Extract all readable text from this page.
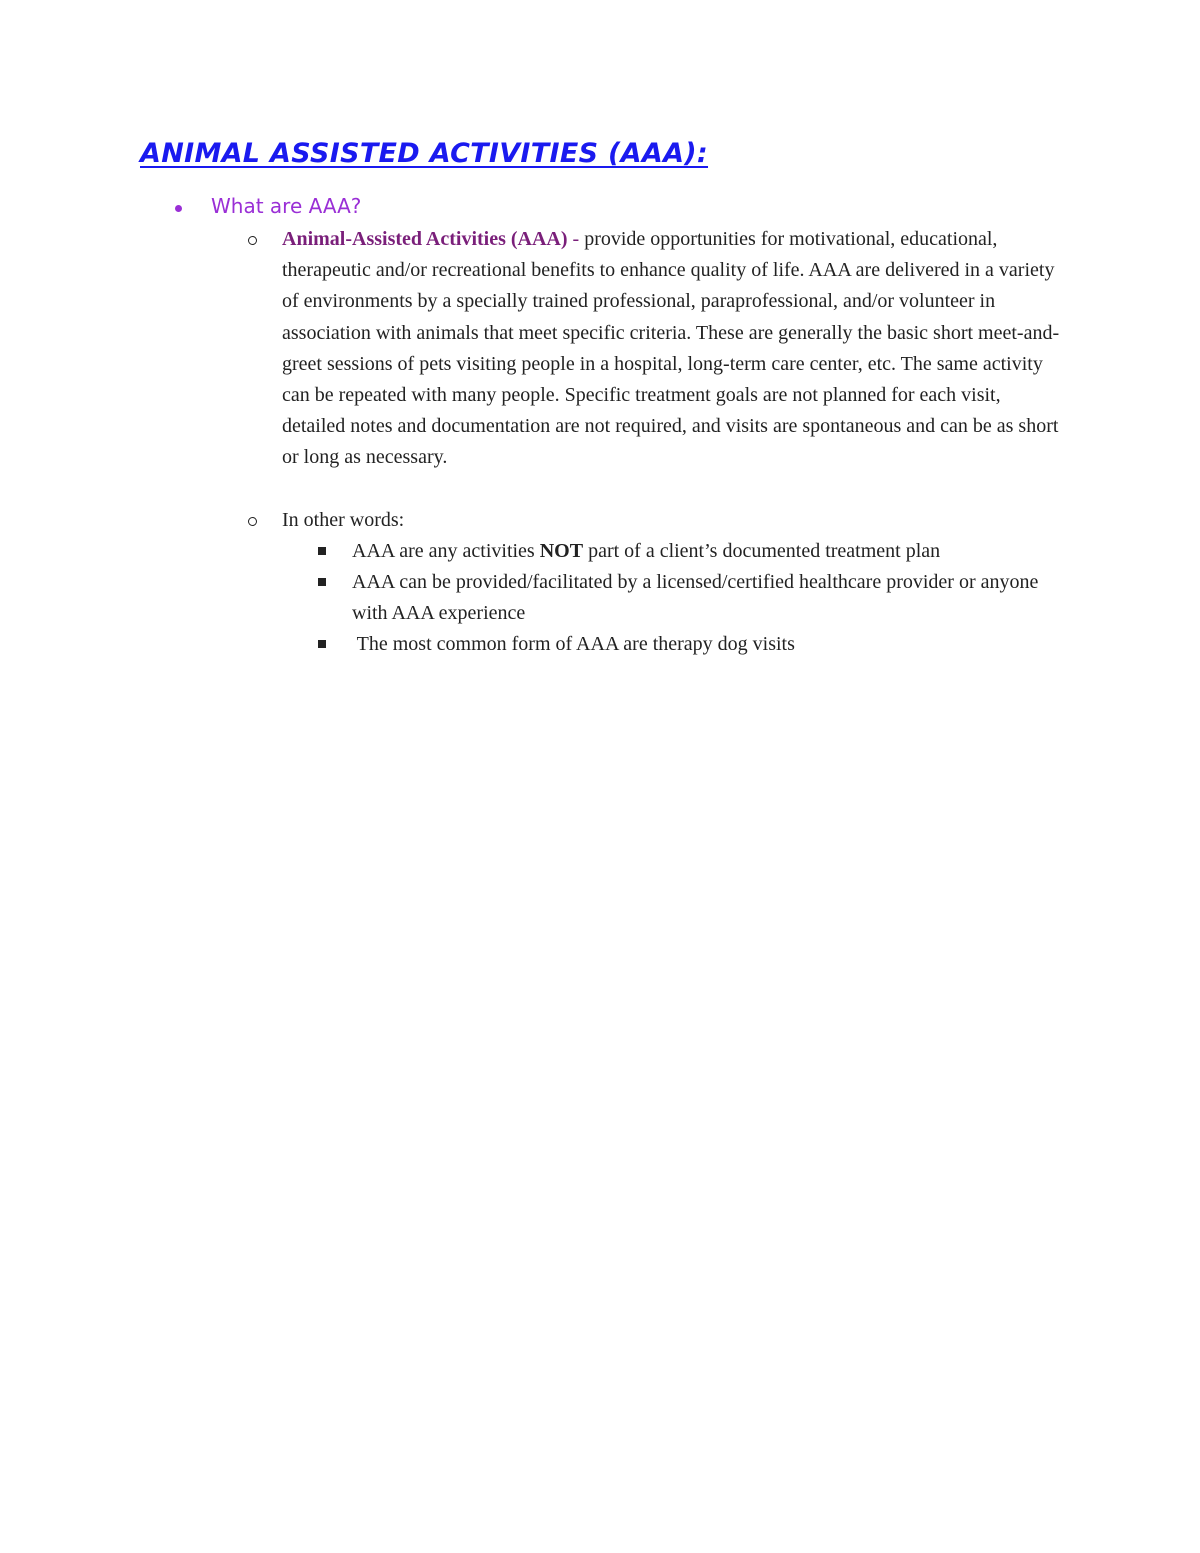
ANIMAL ASSISTED ACTIVITIES (AAA):
What are AAA?
Animal-Assisted Activities (AAA) - provide opportunities for motivational, educational, therapeutic and/or recreational benefits to enhance quality of life. AAA are delivered in a variety of environments by a specially trained professional, paraprofessional, and/or volunteer in association with animals that meet specific criteria. These are generally the basic short meet-and-greet sessions of pets visiting people in a hospital, long-term care center, etc. The same activity can be repeated with many people. Specific treatment goals are not planned for each visit, detailed notes and documentation are not required, and visits are spontaneous and can be as short or long as necessary.
In other words:
AAA are any activities NOT part of a client’s documented treatment plan
AAA can be provided/facilitated by a licensed/certified healthcare provider or anyone with AAA experience
The most common form of AAA are therapy dog visits
